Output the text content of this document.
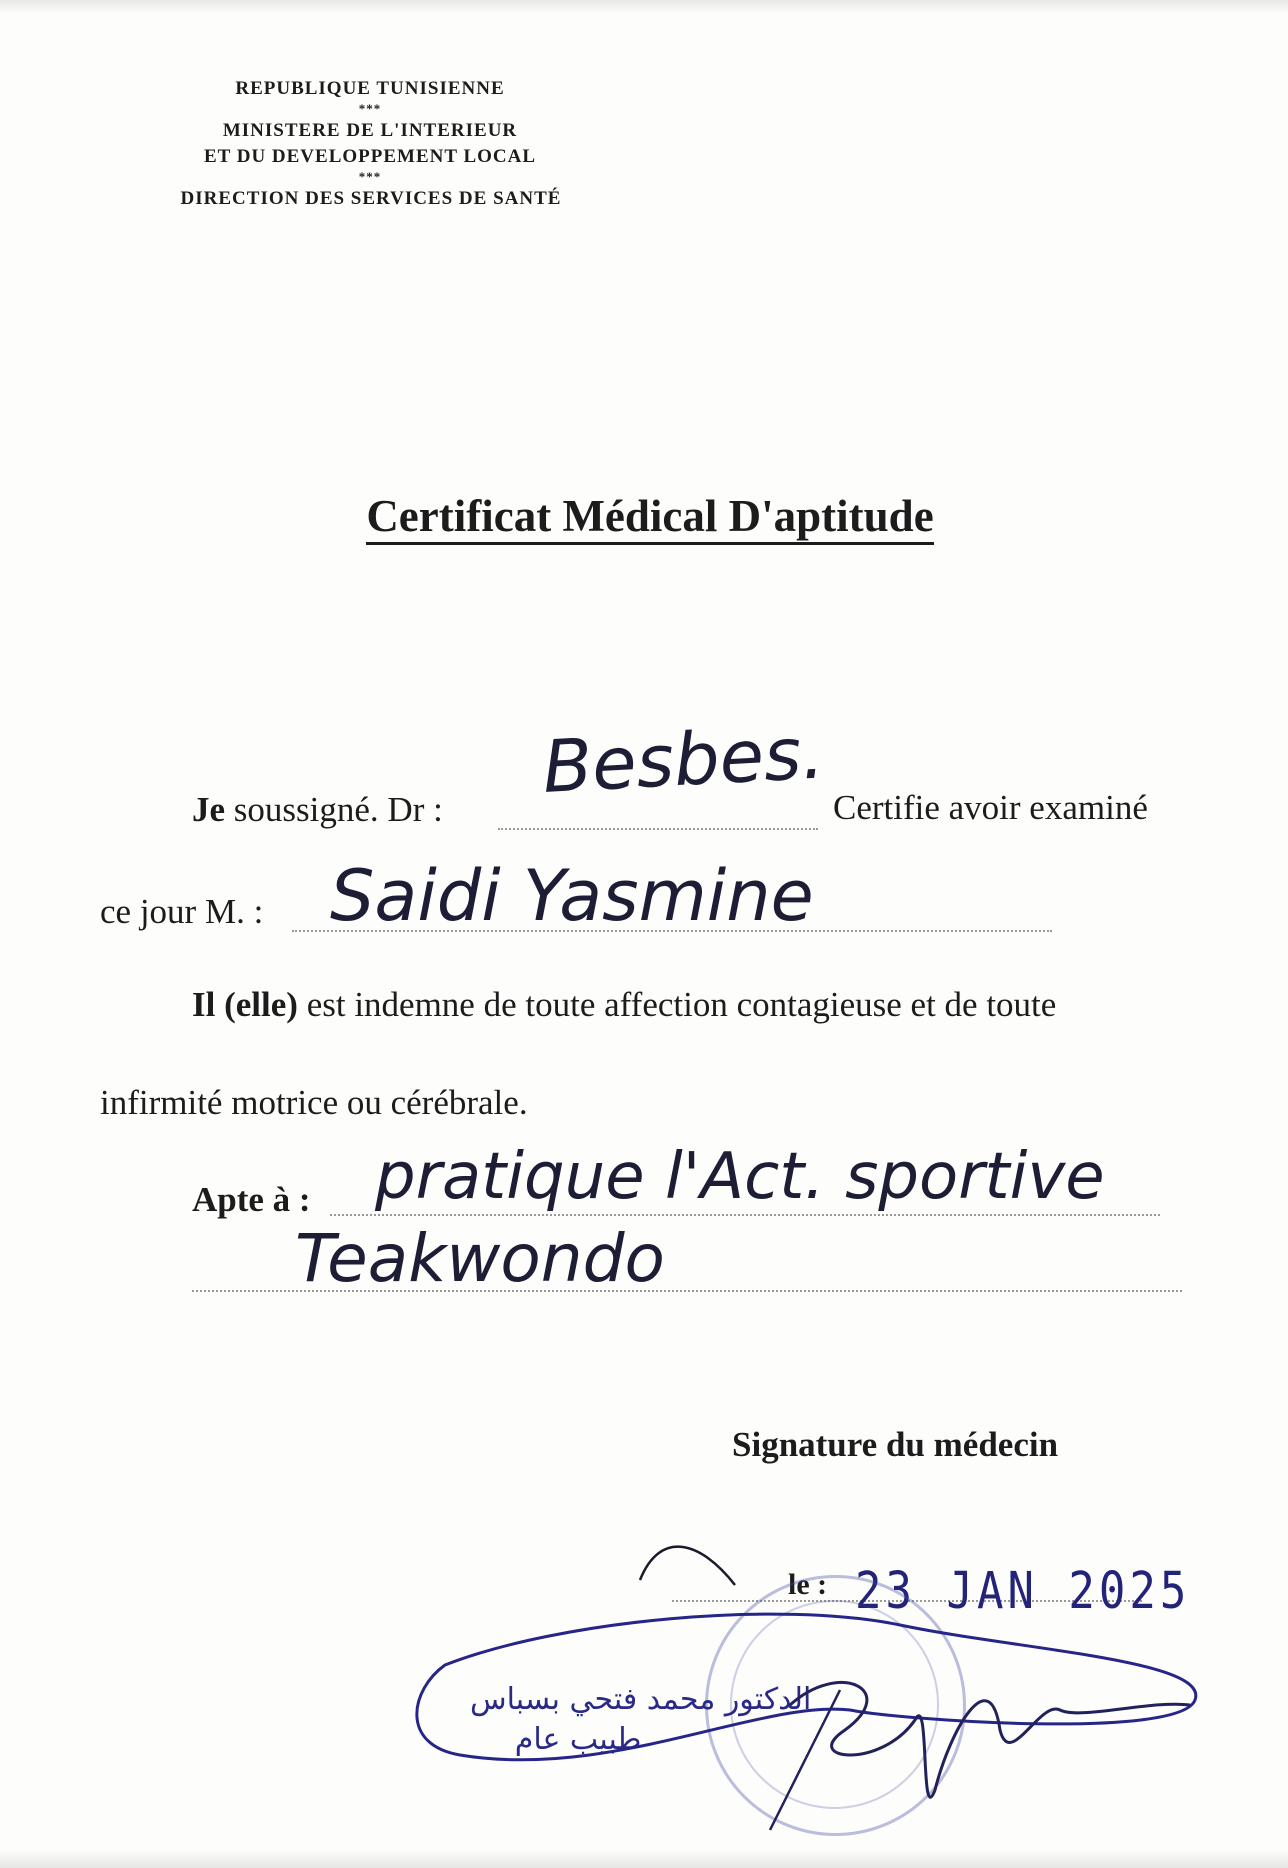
REPUBLIQUE TUNISIENNE
***
MINISTERE DE L'INTERIEUR
ET DU DEVELOPPEMENT LOCAL
***
DIRECTION DES SERVICES DE SANTÉ
Certificat Médical D'aptitude
Je soussigné. Dr :
Besbes. Certifie avoir examiné
ce jour M. : Saidi Yasmine
Il (elle) est indemne de toute affection contagieuse et de toute
infirmité motrice ou cérébrale.
Apte à : pratique l'Act. sportive
Teakwondo
Signature du médecin
le : 23 JAN 2025
الدكتور محمد فتحي بسباس
طبيب عام
